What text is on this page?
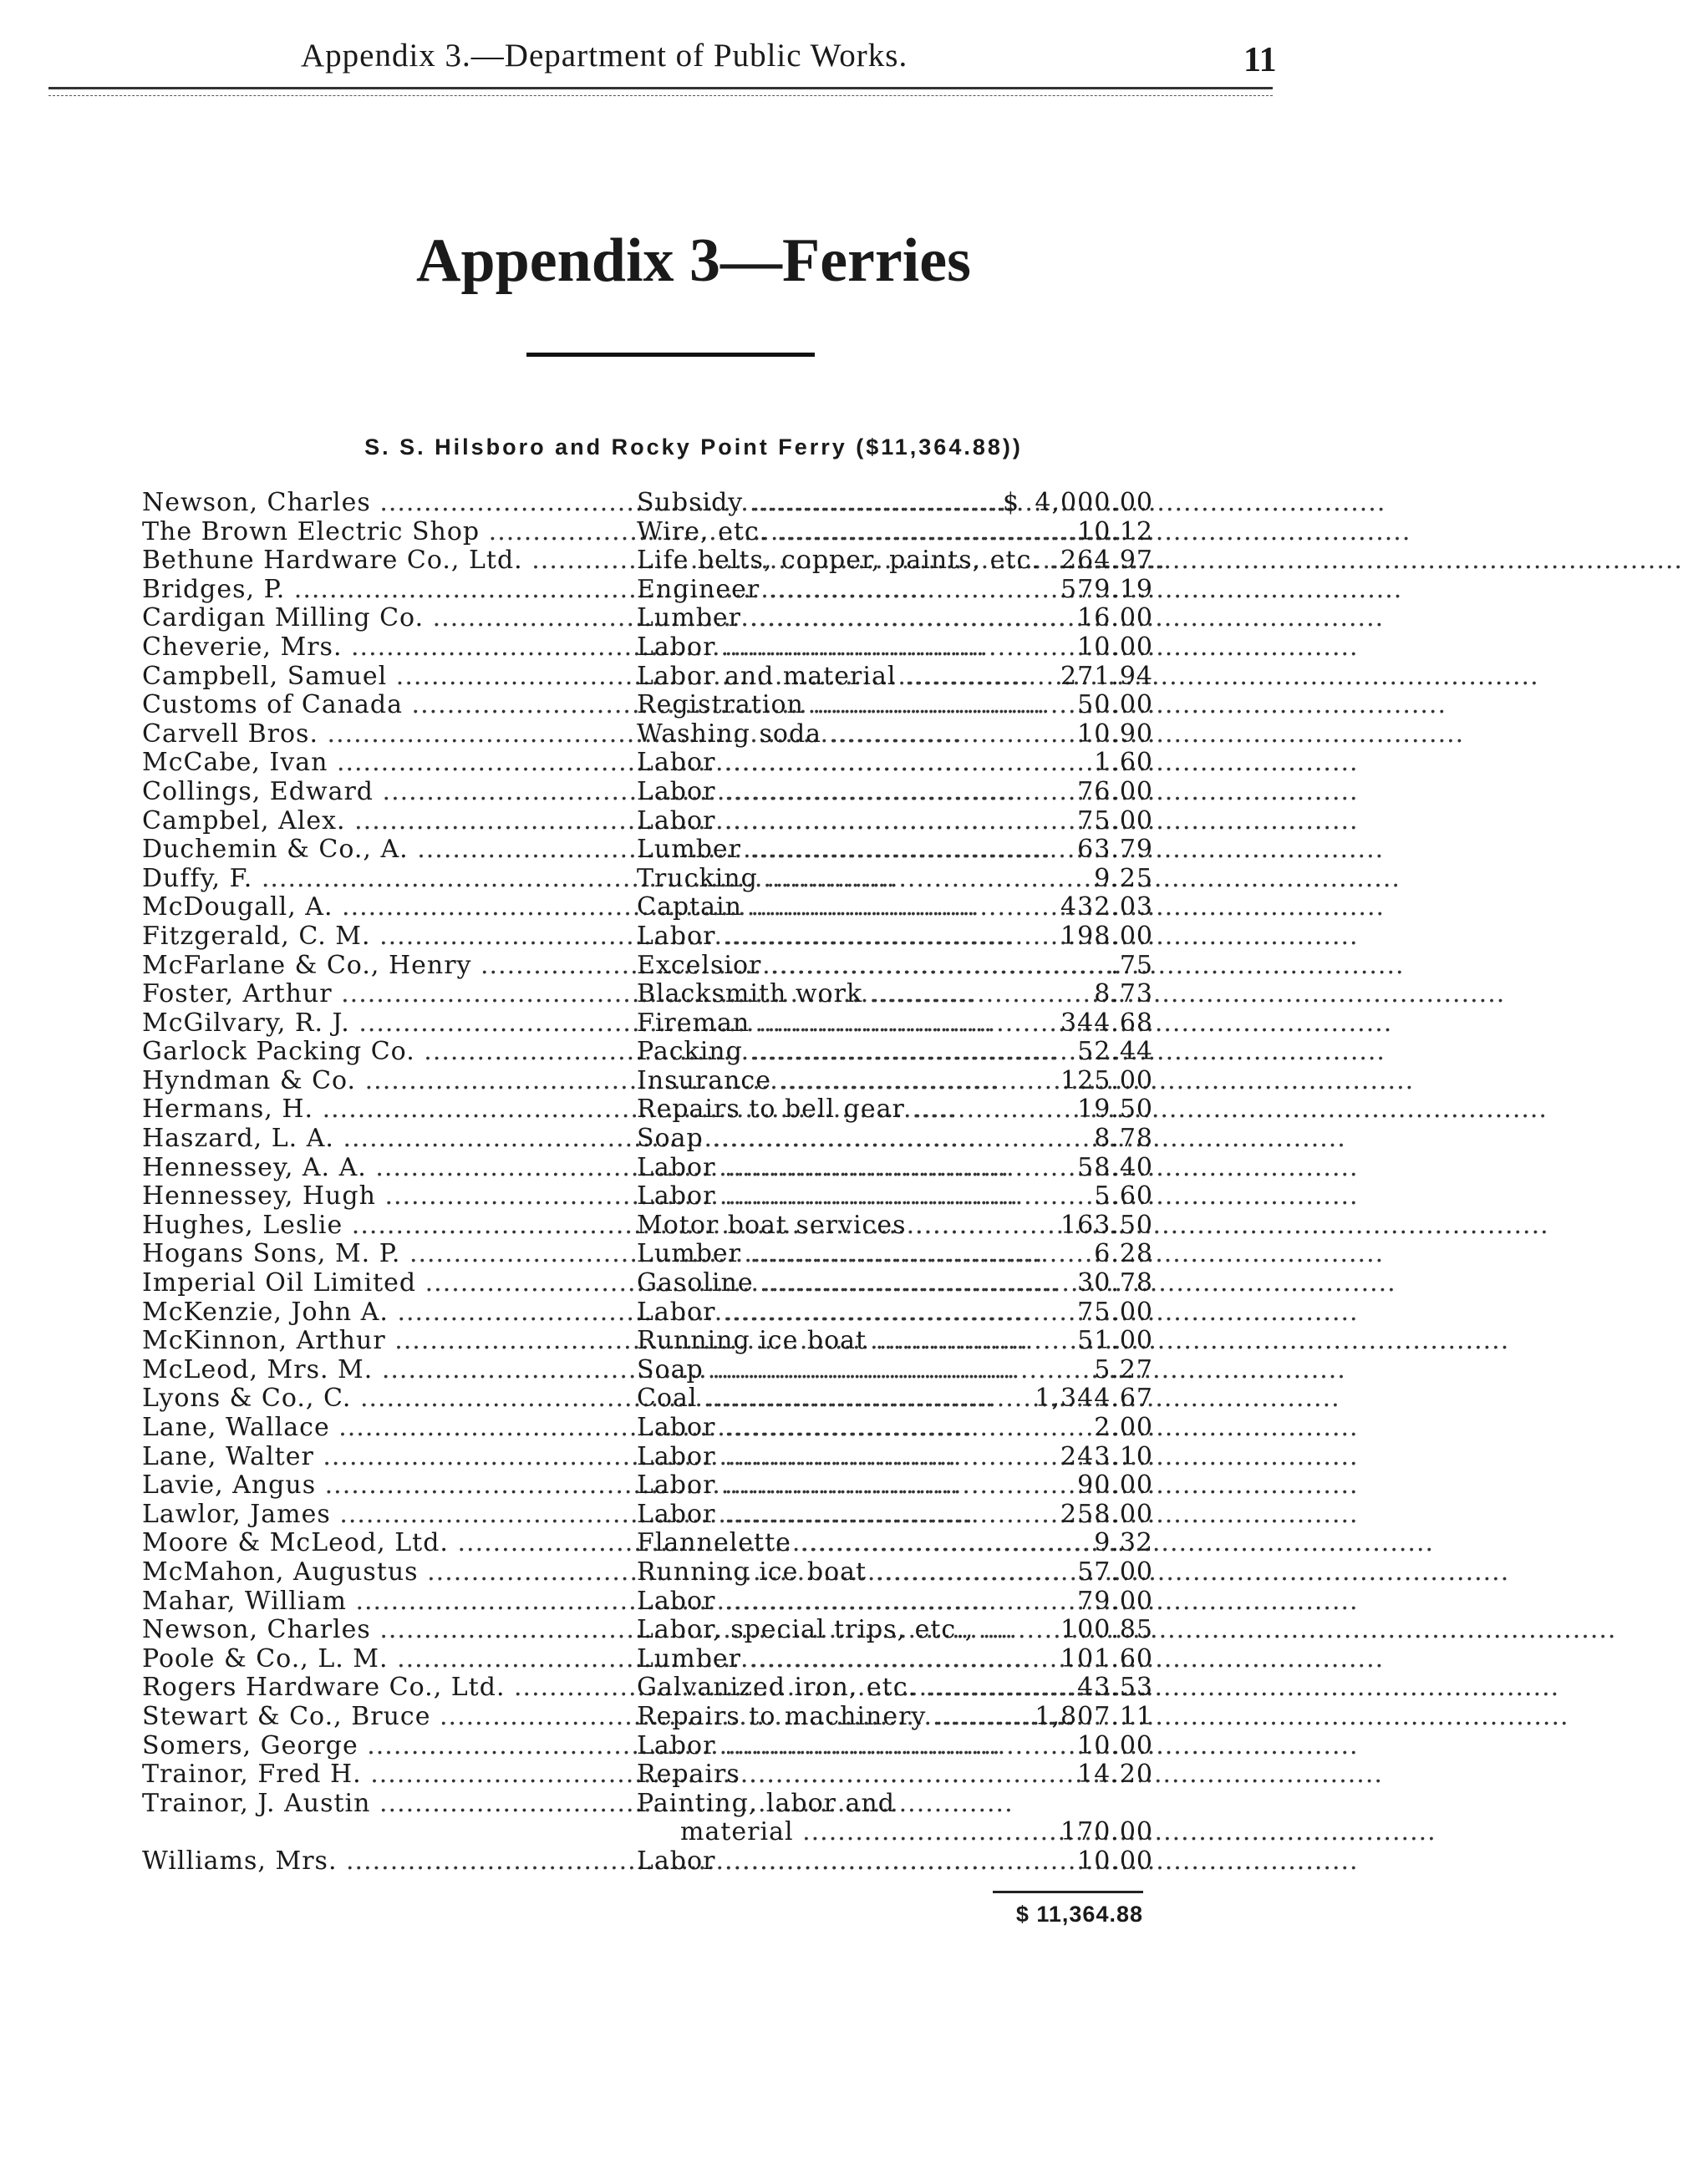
Appendix 3.—Department of Public Works.	11
Appendix 3—Ferries
S. S. Hilsboro and Rocky Point Ferry ($11,364.88))
Newson, Charles .....	Subsidy .....	$ 4,000.00
The Brown Electric Shop .....	Wire, etc. .....	10.12
Bethune Hardware Co., Ltd. .....	Life belts, copper, paints, etc. ..... 264.97
Bridges, P. .....	Engineer .....	579.19
Cardigan Milling Co. .....	Lumber .....	16.00
Cheverie, Mrs. .....	Labor .....	10.00
Campbell, Samuel .....	Labor and material .....	271.94
Customs of Canada .....	Registration .....	50.00
Carvell Bros. .....	Washing soda .....	10.90
McCabe, Ivan .....	Labor .....	1.60
Collings, Edward .....	Labor .....	76.00
Campbel, Alex. .....	Labor .....	75.00
Duchemin & Co., A. .....	Lumber .....	63.79
Duffy, F. .....	Trucking .....	9.25
McDougall, A. .....	Captain .....	432.03
Fitzgerald, C. M. .....	Labor .....	198.00
McFarlane & Co., Henry .....	Excelsior .....	.75
Foster, Arthur .....	Blacksmith work .....	8.73
McGilvary, R. J. .....	Fireman .....	344.68
Garlock Packing Co. .....	Packing .....	52.44
Hyndman & Co. .....	Insurance .....	125.00
Hermans, H. .....	Repairs to bell gear .....	19.50
Haszard, L. A. .....	Soap .....	8.78
Hennessey, A. A. .....	Labor .....	58.40
Hennessey, Hugh .....	Labor .....	5.60
Hughes, Leslie .....	Motor boat services .....	163.50
Hogans Sons, M. P. .....	Lumber .....	6.28
Imperial Oil Limited .....	Gasoline .....	30.78
McKenzie, John A. .....	Labor .....	75.00
McKinnon, Arthur .....	Running ice boat .....	51.00
McLeod, Mrs. M. .....	Soap .....	5.27
Lyons & Co., C. .....	Coal .....	1,344.67
Lane, Wallace .....	Labor .....	2.00
Lane, Walter .....	Labor .....	243.10
Lavie, Angus .....	Labor .....	90.00
Lawlor, James .....	Labor .....	258.00
Moore & McLeod, Ltd. .....	Flannelette .....	9.32
McMahon, Augustus .....	Running ice boat .....	57.00
Mahar, William .....	Labor .....	79.00
Newson, Charles .....	Labor, special trips, etc., .....	100.85
Poole & Co., L. M. .....	Lumber .....	101.60
Rogers Hardware Co., Ltd. .....	Galvanized iron, etc. .....	43.53
Stewart & Co., Bruce .....	Repairs to machinery .....	1,807.11
Somers, George .....	Labor .....	10.00
Trainor, Fred H. .....	Repairs .....	14.20
Trainor, J. Austin .....	Painting, labor and
material .....	170.00
Williams, Mrs. .....	Labor .....	10.00
$ 11,364.88
